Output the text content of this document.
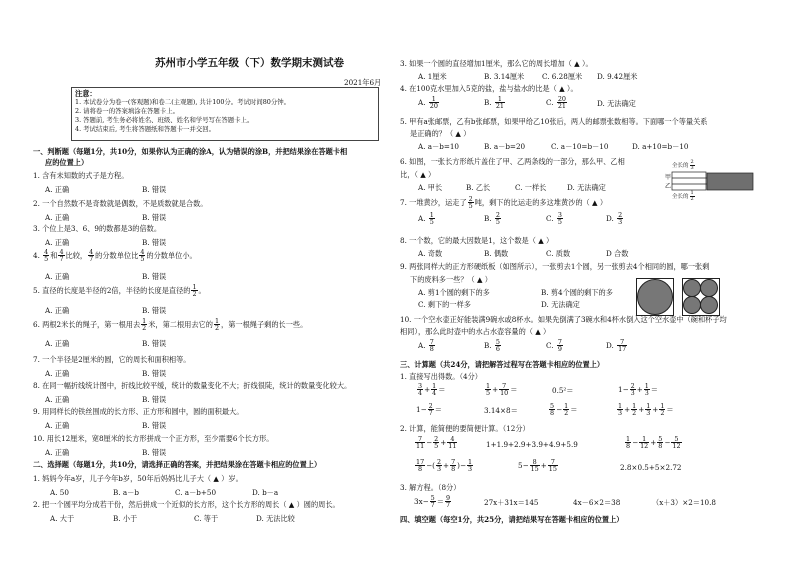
苏州市小学五年级（下）数学期末测试卷
2021年6月
注意：
1. 本试卷分为卷一(客观题)和卷二(主观题), 共计100分。考试时间80分钟。
2. 请将卷一的答案填涂在答题卡上。
3. 答题前, 考生务必将姓名、班级、姓名和学号写在答题卡上。
4. 考试结束后, 考生将答题纸和答题卡一并交回。
一、判断题（每题1分，共10分，如果你认为正确的涂A，认为错误的涂B，并把结果涂在答题卡相
应的位置上）
1. 含有未知数的式子是方程。
A. 正确	B. 错误
2. 一个自然数不是奇数就是偶数，不是质数就是合数。
A. 正确	B. 错误
3. 个位上是3、6、9的数都是3的倍数。
A. 正确	B. 错误
4. $\frac{4}{5}$ 和 $\frac{4}{7}$ 比较， $\frac{4}{7}$ 的分数单位比 $\frac{4}{5}$ 的分数单位小。
A. 正确	B. 错误
5. 直径的长度是半径的2倍，半径的长度是直径的 $\frac{1}{2}$ 。
A. 正确	B. 错误
6. 两根2米长的绳子，第一根用去 $\frac{1}{2}$ 米，第二根用去它的 $\frac{1}{2}$ ，第一根绳子剩的长一些。
A. 正确	B. 错误
7. 一个半径是2厘米的圆，它的周长和面积相等。
A. 正确	B. 错误
8. 在同一幅折线统计图中，折线比较平缓，统计的数量变化不大；折线很陡，统计的数量变化较大。
A. 正确	B. 错误
9. 用同样长的铁丝围成的长方形、正方形和圆中，圆的面积最大。
A. 正确	B. 错误
10. 用长12厘米，宽8厘米的长方形拼成一个正方形，至少需要6个长方形。
A. 正确	B. 错误
二、选择题（每题1分，共10分，请选择正确的答案，并把结果涂在答题卡相应的位置上）
1. 妈妈今年a岁，儿子今年b岁，50年后妈妈比儿子大（ ▲ ）岁。
A. 50	B. a－b	C. a－b+50	D. b－a
2. 把一个圆平均分成若干份，然后拼成一个近似的长方形，这个长方形的周长（ ▲ ）圆的周长。
A. 大于	B. 小于	C. 等于	D. 无法比较
3. 如果一个圆的直径增加1厘米，那么它的周长增加（ ▲ ）。
A. 1厘米	B. 3.14厘米 C. 6.28厘米 D. 9.42厘米
4. 在100克水里加入5克的盐，盐与盐水的比是（ ▲ ）。
A. $\frac{1}{20}$	B. $\frac{1}{21}$	C. $\frac{20}{21}$	D. 无法确定
5. 甲有a张邮票，乙有b张邮票，如果甲给乙10张后，两人的邮票张数相等。下面哪一个等量关系
是正确的？（ ▲ ）
A. a－b=10	B. a－b=20	C. a－10=b－10	D. a+10=b－10
6. 如图，一张长方形纸片盖住了甲、乙两条线的一部分，那么甲、乙相
比，（ ▲ ）
A. 甲长	B. 乙长	C. 一样长	D. 无法确定
全长的 $\frac{2}{3}$
甲
乙
全长的 $\frac{1}{2}$
7. 一堆黄沙，运走了 $\frac{2}{5}$ 吨，剩下的比运走的多这堆黄沙的（ ▲ ）
A. $\frac{1}{5}$	B. $\frac{2}{5}$	C. $\frac{3}{5}$	D. $\frac{2}{3}$
8. 一个数，它的最大因数是1，这个数是（ ▲ ）
A. 奇数	B. 偶数	C. 质数	D 合数
9. 两张同样大的正方形硬纸板（如图所示），一张剪去1个圆，另一张剪去4个相同的圆，哪一张剩
下的废料多一些？（ ▲ ）
A. 剪1个圆的剩下的多	B. 剪4个圆的剩下的多
C. 剩下的一样多	D. 无法确定
10. 一个空水壶正好能装满9碗水或8杯水。如果先倒满了3碗水和4杯水倒入这个空水壶中（碗和杯子均
相同），那么此时壶中的水占水壶容量的（ ▲ ）
A. $\frac{7}{8}$	B. $\frac{5}{6}$	C. $\frac{7}{9}$	D. $\frac{7}{17}$
三、计算题（共24分，请把解答过程写在答题卡相应的位置上）
1. 直接写出得数。（4分）
$\frac{3}{4} + \frac{1}{4}$ ＝	$\frac{1}{5} + \frac{7}{10}$ ＝	0.5²＝	$1- \frac{2}{3} + \frac{1}{3}$ ＝
$1- \frac{2}{7}$ ＝	3.14×8＝	$\frac{5}{8} - \frac{1}{2}$ ＝	$\frac{1}{3} + \frac{1}{2} + \frac{1}{3} + \frac{1}{2}$ ＝
2. 计算，能简便的要简便计算。（12分）
$\frac{7}{11} - \frac{2}{5} + \frac{4}{11}$	1+1.9+2.9+3.9+4.9+5.9	$\frac{1}{8} - \frac{1}{12} + \frac{5}{8} - \frac{5}{12}$
$\frac{17}{8}$ −( $\frac{2}{3} + \frac{7}{8}$ )− $\frac{1}{3}$	$5- \frac{8}{15} + \frac{7}{15}$	2.8×0.5+5×2.72
3. 解方程。（8分）
$3x- \frac{5}{7} = \frac{9}{7}$	27x＋31x＝145	4x－6×2＝38	（x＋3）×2＝10.8
四、填空题（每空1分，共25分，请把结果写在答题卡相应的位置上）
